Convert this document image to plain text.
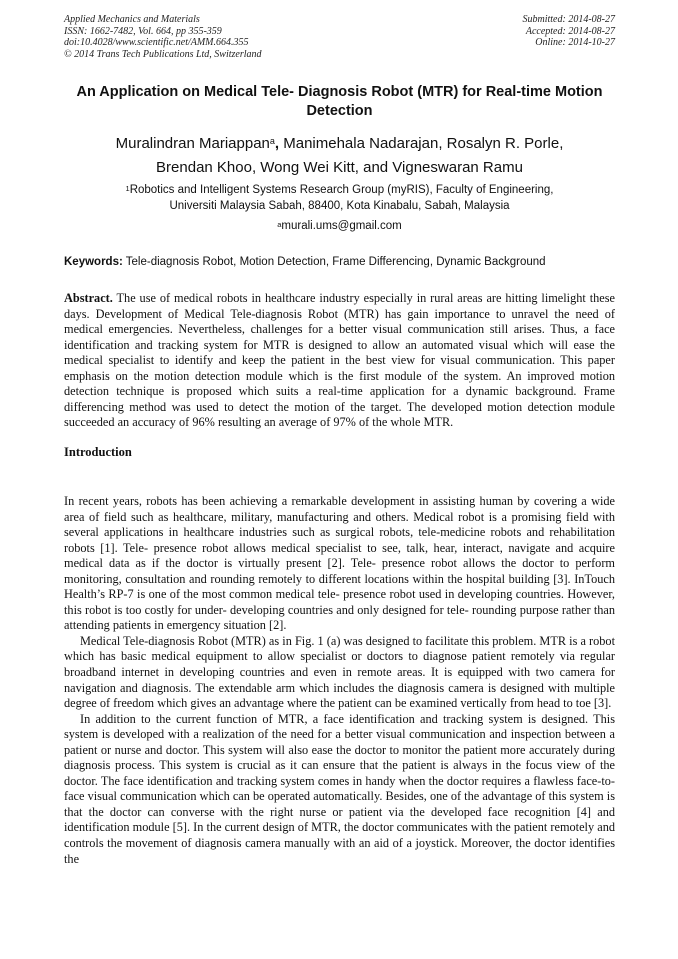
Applied Mechanics and Materials
ISSN: 1662-7482, Vol. 664, pp 355-359
doi:10.4028/www.scientific.net/AMM.664.355
© 2014 Trans Tech Publications Ltd, Switzerland
Submitted: 2014-08-27
Accepted: 2014-08-27
Online: 2014-10-27
An Application on Medical Tele- Diagnosis Robot (MTR) for Real-time Motion Detection
Muralindran Mariappan$^a$, Manimehala Nadarajan, Rosalyn R. Porle,
Brendan Khoo, Wong Wei Kitt, and Vigneswaran Ramu
$^1$Robotics and Intelligent Systems Research Group (myRIS), Faculty of Engineering,
Universiti Malaysia Sabah, 88400, Kota Kinabalu, Sabah, Malaysia
$^a$murali.ums@gmail.com
Keywords: Tele-diagnosis Robot, Motion Detection, Frame Differencing, Dynamic Background
Abstract. The use of medical robots in healthcare industry especially in rural areas are hitting limelight these days. Development of Medical Tele-diagnosis Robot (MTR) has gain importance to unravel the need of medical emergencies. Nevertheless, challenges for a better visual communication still arises. Thus, a face identification and tracking system for MTR is designed to allow an automated visual which will ease the medical specialist to identify and keep the patient in the best view for visual communication. This paper emphasis on the motion detection module which is the first module of the system. An improved motion detection technique is proposed which suits a real-time application for a dynamic background. Frame differencing method was used to detect the motion of the target. The developed motion detection module succeeded an accuracy of 96% resulting an average of 97% of the whole MTR.
Introduction

In recent years, robots has been achieving a remarkable development in assisting human by covering a wide area of field such as healthcare, military, manufacturing and others. Medical robot is a promising field with several applications in healthcare industries such as surgical robots, tele-medicine robots and rehabilitation robots [1]. Tele- presence robot allows medical specialist to see, talk, hear, interact, navigate and acquire medical data as if the doctor is virtually present [2]. Tele- presence robot allows the doctor to perform monitoring, consultation and rounding remotely to different locations within the hospital building [3]. InTouch Health’s RP-7 is one of the most common medical tele- presence robot used in developing countries. However, this robot is too costly for under- developing countries and only designed for tele- rounding purpose rather than attending patients in emergency situation [2].

Medical Tele-diagnosis Robot (MTR) as in Fig. 1 (a) was designed to facilitate this problem. MTR is a robot which has basic medical equipment to allow specialist or doctors to diagnose patient remotely via regular broadband internet in developing countries and even in remote areas. It is equipped with two camera for navigation and diagnosis. The extendable arm which includes the diagnosis camera is designed with multiple degree of freedom which gives an advantage where the patient can be examined vertically from head to toe [3].

In addition to the current function of MTR, a face identification and tracking system is designed. This system is developed with a realization of the need for a better visual communication and inspection between a patient or nurse and doctor. This system will also ease the doctor to monitor the patient more accurately during diagnosis process. This system is crucial as it can ensure that the patient is always in the focus view of the doctor. The face identification and tracking system comes in handy when the doctor requires a flawless face-to-face visual communication which can be operated automatically. Besides, one of the advantage of this system is that the doctor can converse with the right nurse or patient via the developed face recognition [4] and identification module [5]. In the current design of MTR, the doctor communicates with the patient remotely and controls the movement of diagnosis camera manually with an aid of a joystick. Moreover, the doctor identifies the
